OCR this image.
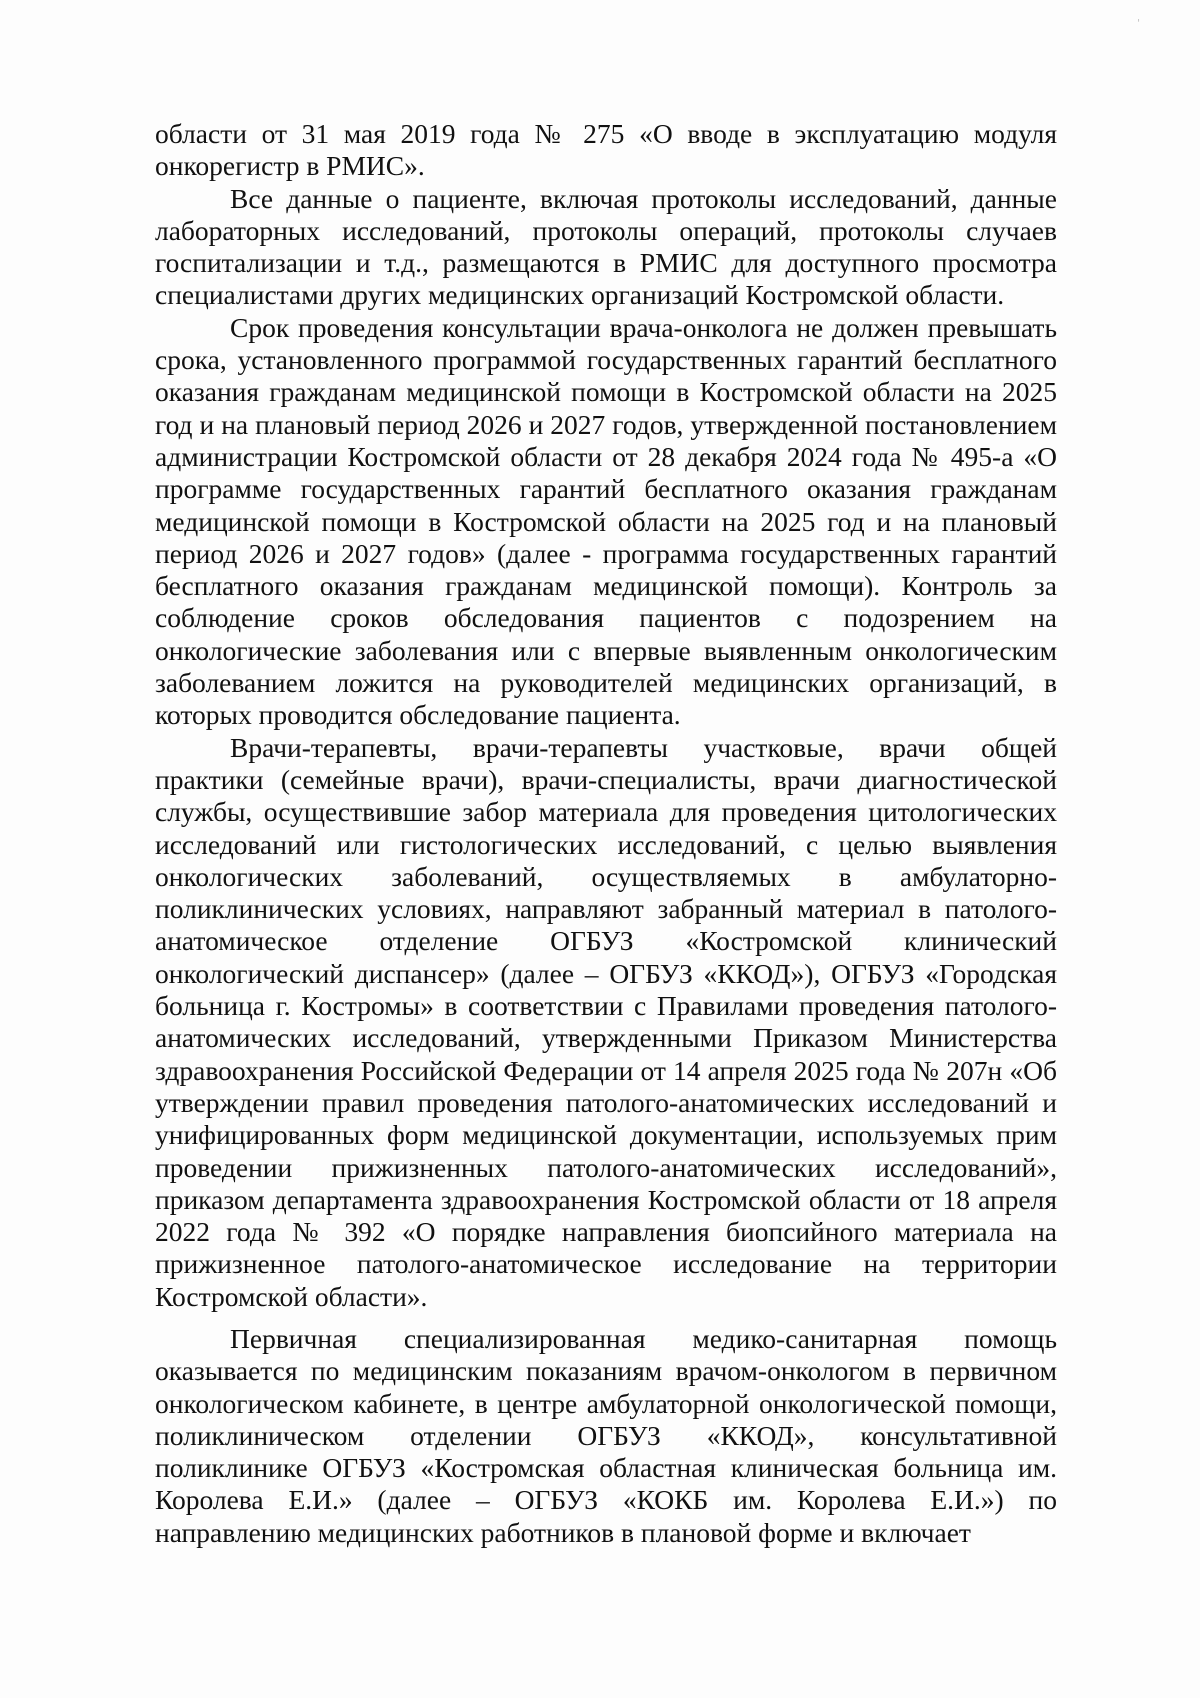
'

области от 31 мая 2019 года № 275 «О вводе в эксплуатацию модуля онкорегистр в РМИС».

Все данные о пациенте, включая протоколы исследований, данные лабораторных исследований, протоколы операций, протоколы случаев госпитализации и т.д., размещаются в РМИС для доступного просмотра специалистами других медицинских организаций Костромской области.

Срок проведения консультации врача-онколога не должен превышать срока, установленного программой государственных гарантий бесплатного оказания гражданам медицинской помощи в Костромской области на 2025 год и на плановый период 2026 и 2027 годов, утвержденной постановлением администрации Костромской области от 28 декабря 2024 года № 495-а «О программе государственных гарантий бесплатного оказания гражданам медицинской помощи в Костромской области на 2025 год и на плановый период 2026 и 2027 годов» (далее - программа государственных гарантий бесплатного оказания гражданам медицинской помощи). Контроль за соблюдение сроков обследования пациентов с подозрением на онкологические заболевания или с впервые выявленным онкологическим заболеванием ложится на руководителей медицинских организаций, в которых проводится обследование пациента.

Врачи-терапевты, врачи-терапевты участковые, врачи общей практики (семейные врачи), врачи-специалисты, врачи диагностической службы, осуществившие забор материала для проведения цитологических исследований или гистологических исследований, с целью выявления онкологических заболеваний, осуществляемых в амбулаторно-поликлинических условиях, направляют забранный материал в патолого-анатомическое отделение ОГБУЗ «Костромской клинический онкологический диспансер» (далее – ОГБУЗ «ККОД»), ОГБУЗ «Городская больница г. Костромы» в соответствии с Правилами проведения патолого-анатомических исследований, утвержденными Приказом Министерства здравоохранения Российской Федерации от 14 апреля 2025 года № 207н «Об утверждении правил проведения патолого-анатомических исследований и унифицированных форм медицинской документации, используемых прим проведении прижизненных патолого-анатомических исследований», приказом департамента здравоохранения Костромской области от 18 апреля 2022 года № 392 «О порядке направления биопсийного материала на прижизненное патолого-анатомическое исследование на территории Костромской области».

Первичная специализированная медико-санитарная помощь оказывается по медицинским показаниям врачом-онкологом в первичном онкологическом кабинете, в центре амбулаторной онкологической помощи, поликлиническом отделении ОГБУЗ «ККОД», консультативной поликлинике ОГБУЗ «Костромская областная клиническая больница им. Королева Е.И.» (далее – ОГБУЗ «КОКБ им. Королева Е.И.») по направлению медицинских работников в плановой форме и включает
